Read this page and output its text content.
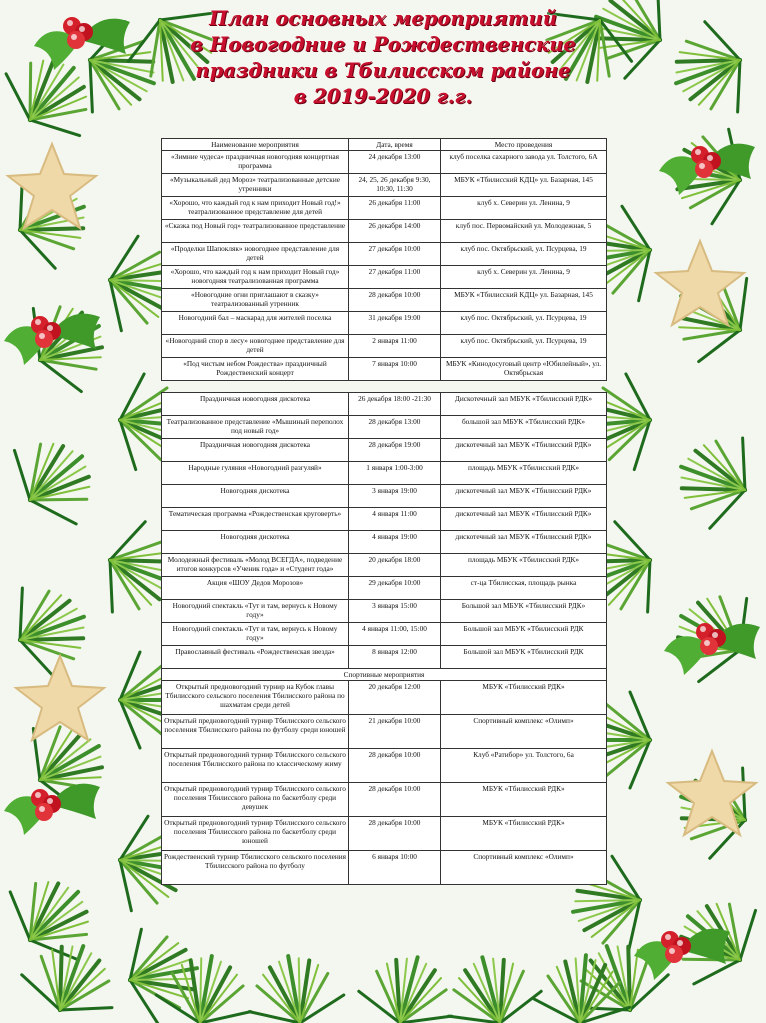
План основных мероприятий
в Новогодние и Рождественские
праздники в Тбилисском районе
в 2019-2020 г.г.
Наименование мероприятия	Дата, время	Место проведения
«Зимние чудеса» праздничная новогодняя концертная программа	24 декабря 13:00	клуб поселка сахарного завода ул. Толстого, 6А
«Музыкальный дед Мороз» театрализованные детские утренники	24, 25, 26 декабря 9:30, 10:30, 11:30	МБУК «Тбилисский КДЦ» ул. Базарная, 145
«Хорошо, что каждый год к нам приходит Новый год!» театрализованное представление для детей	26 декабря 11:00	клуб х. Северин ул. Ленина, 9
«Сказка под Новый год» театрализованное представление	26 декабря 14:00	клуб пос. Первомайский ул. Молодежная, 5
«Проделки Шапокляк» новогоднее представление для детей	27 декабря 10:00	клуб пос. Октябрьский, ул. Псурцева, 19
«Хорошо, что каждый год к нам приходит Новый год» новогодняя театрализованная программа	27 декабря 11:00	клуб х. Северин ул. Ленина, 9
«Новогодние огни приглашают в сказку» театрализованный утренник	28 декабря 10:00	МБУК «Тбилисский КДЦ» ул. Базарная, 145
Новогодний бал – маскарад для жителей поселка	31 декабря 19:00	клуб пос. Октябрьский, ул. Псурцева, 19
«Новогодний спор в лесу» новогоднее представление для детей	2 января 11:00	клуб пос. Октябрьский, ул. Псурцева, 19
«Под чистым небом Рождества» праздничный Рождественский концерт	7 января 10:00	МБУК «Кинодосуговый центр «Юбилейный», ул. Октябрьская
Праздничная новогодняя дискотека	26 декабря 18:00 -21:30	Дискотечный зал МБУК «Тбилисский РДК»
Театрализованное представление «Мышиный переполох под новый год»	28 декабря 13:00	большой зал МБУК «Тбилисский РДК»
Праздничная новогодняя дискотека	28 декабря 19:00	дискотечный зал МБУК «Тбилисский РДК»
Народные гуляния «Новогодний разгуляй»	1 января 1:00-3:00	площадь МБУК «Тбилисский РДК»
Новогодняя дискотека	3 января 19:00	дискотечный зал МБУК «Тбилисский РДК»
Тематическая программа «Рождественская круговерть»	4 января 11:00	дискотечный зал МБУК «Тбилисский РДК»
Новогодняя дискотека	4 января 19:00	дискотечный зал МБУК «Тбилисский РДК»
Молодежный фестиваль «Молод ВСЕГДА», подведение итогов конкурсов «Ученик года» и «Студент года»	20 декабря 18:00	площадь МБУК «Тбилисский РДК»
Акция «ШОУ Дедов Морозов»	29 декабря 10:00	ст-ца Тбилисская, площадь рынка
Новогодний спектакль «Тут и там, вернусь к Новому году»	3 января 15:00	Большой зал МБУК «Тбилисский РДК»
Новогодний спектакль «Тут и там, вернусь к Новому году»	4 января 11:00, 15:00	Большой зал МБУК «Тбилисский РДК
Православный фестиваль «Рождественская звезда»	8 января 12:00	Большой зал МБУК «Тбилисский РДК
Спортивные мероприятия		
Открытый предновогодний турнир на Кубок главы Тбилисского сельского поселения Тбилисского района по шахматам среди детей	20 декабря 12:00	МБУК «Тбилисский РДК»
Открытый предновогодний турнир Тбилисского сельского поселения Тбилисского района по футболу среди юношей	21 декабря 10:00	Спортивный комплекс «Олимп»
Открытый предновогодний турнир Тбилисского сельского поселения Тбилисского района по классическому жиму	28 декабря 10:00	Клуб «Ратибор» ул. Толстого, 6а
Открытый предновогодний турнир Тбилисского сельского поселения Тбилисского района по баскетболу среди девушек	28 декабря 10:00	МБУК «Тбилисский РДК»
Открытый предновогодний турнир Тбилисского сельского поселения Тбилисского района по баскетболу среди юношей	28 декабря 10:00	МБУК «Тбилисский РДК»
Рождественский турнир Тбилисского сельского поселения Тбилисского района по футболу	6 января 10:00	Спортивный комплекс «Олимп»
